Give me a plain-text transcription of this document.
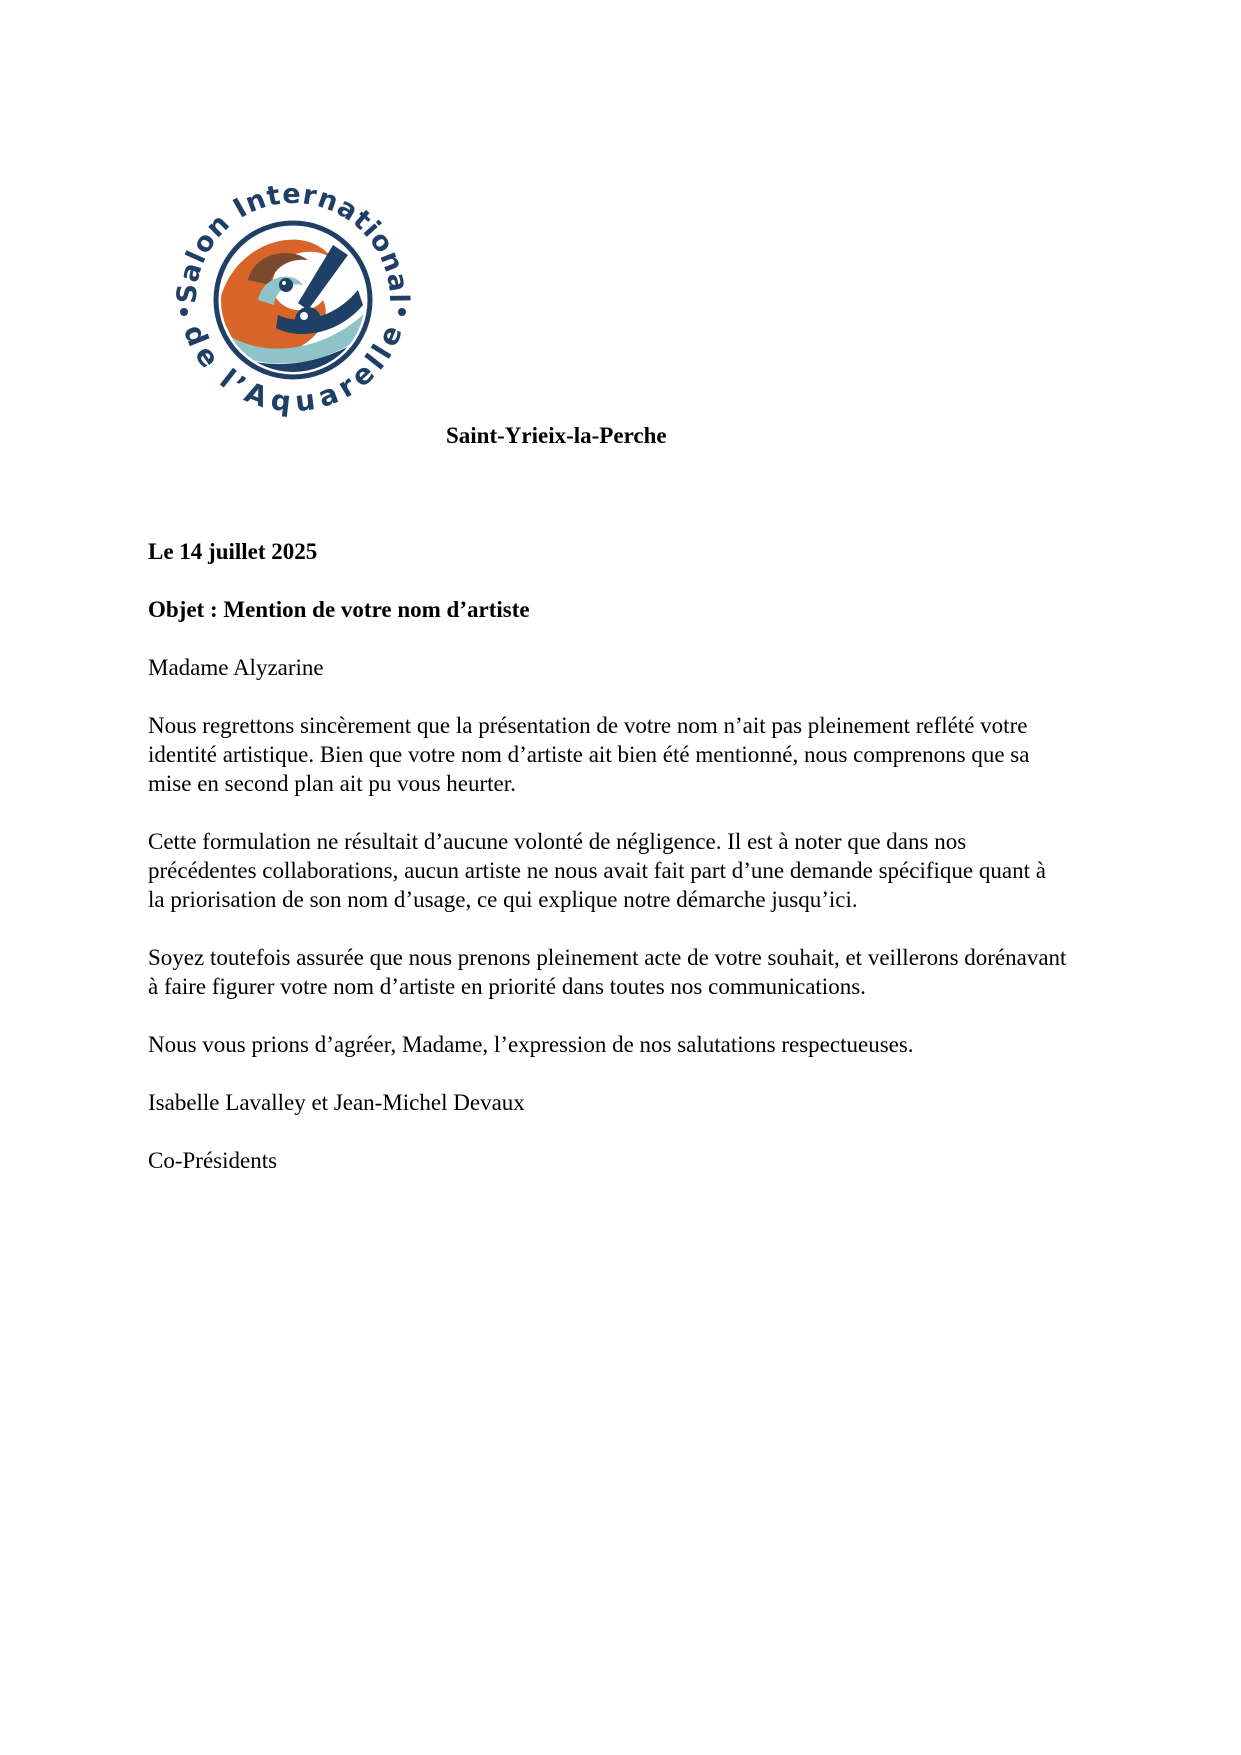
Salon International
de l’Aquarelle
Saint-Yrieix-la-Perche

Le 14 juillet 2025

Objet : Mention de votre nom d’artiste

Madame Alyzarine

Nous regrettons sincèrement que la présentation de votre nom n’ait pas pleinement reflété votre identité artistique. Bien que votre nom d’artiste ait bien été mentionné, nous comprenons que sa mise en second plan ait pu vous heurter.

Cette formulation ne résultait d’aucune volonté de négligence. Il est à noter que dans nos précédentes collaborations, aucun artiste ne nous avait fait part d’une demande spécifique quant à la priorisation de son nom d’usage, ce qui explique notre démarche jusqu’ici.

Soyez toutefois assurée que nous prenons pleinement acte de votre souhait, et veillerons dorénavant à faire figurer votre nom d’artiste en priorité dans toutes nos communications.

Nous vous prions d’agréer, Madame, l’expression de nos salutations respectueuses.

Isabelle Lavalley et Jean-Michel Devaux

Co-Présidents
